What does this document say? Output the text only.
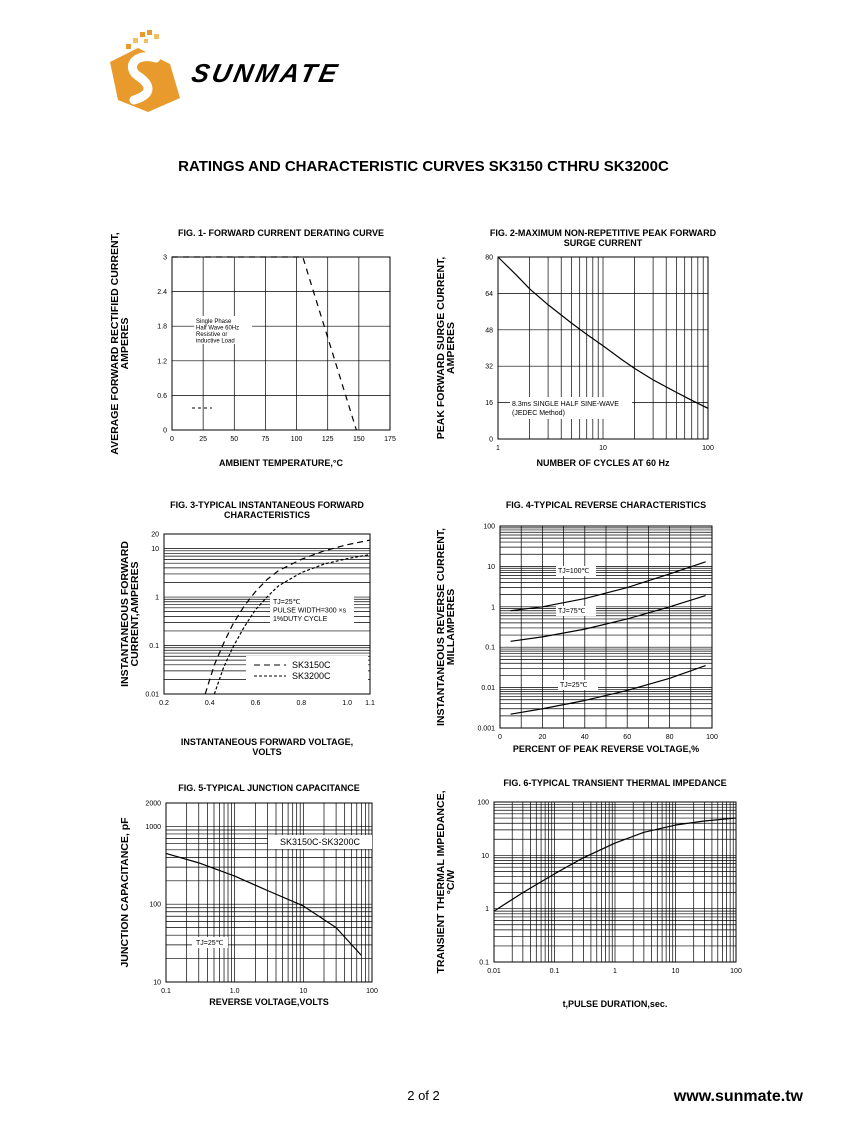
SUNMATE
RATINGS AND CHARACTERISTIC CURVES SK3150 CTHRU SK3200C
FIG. 1- FORWARD CURRENT DERATING CURVE
AVERAGE FORWARD RECTIFIED CURRENT,
AMPERES
AMBIENT TEMPERATURE,°C
0	25	50	75	100	125	150	175
0
0.6
1.2
1.8
2.4
3
Single Phase
Half Wave 60Hz
Resistive or
inductive Load
FIG. 2-MAXIMUM NON-REPETITIVE PEAK FORWARD
SURGE CURRENT
PEAK FORWARD SURGE CURRENT,
AMPERES
NUMBER OF CYCLES AT 60 Hz
1	10	100
0
16
32
48
64
80
8.3ms SINGLE HALF SINE-WAVE
(JEDEC Method)
FIG. 3-TYPICAL INSTANTANEOUS FORWARD
CHARACTERISTICS
INSTANTANEOUS FORWARD
CURRENT,AMPERES
INSTANTANEOUS FORWARD VOLTAGE,
VOLTS
0.2	0.4	0.6	0.8	1.0 1.1
0.01
0.1
1
10
20
TJ=25℃
PULSE WIDTH=300 ×s
1%DUTY CYCLE
SK3150C
SK3200C
FIG. 4-TYPICAL REVERSE CHARACTERISTICS
INSTANTANEOUS REVERSE CURRENT,
MILLAMPERES
PERCENT OF PEAK REVERSE VOLTAGE,%
0	20	40	60	80	100
0.001
0.01
0.1
1
10
100
TJ=100℃
TJ=75℃
TJ=25℃
FIG. 5-TYPICAL JUNCTION CAPACITANCE
JUNCTION CAPACITANCE, pF
REVERSE VOLTAGE,VOLTS
0.1	1.0	10	100
10
100
1000
2000
SK3150C-SK3200C
TJ=25℃
FIG. 6-TYPICAL TRANSIENT THERMAL IMPEDANCE
TRANSIENT THERMAL IMPEDANCE,
°C/W
t,PULSE DURATION,sec.
0.01	0.1	1	10	100
0.1
1
10
100
2 of 2	www.sunmate.tw
